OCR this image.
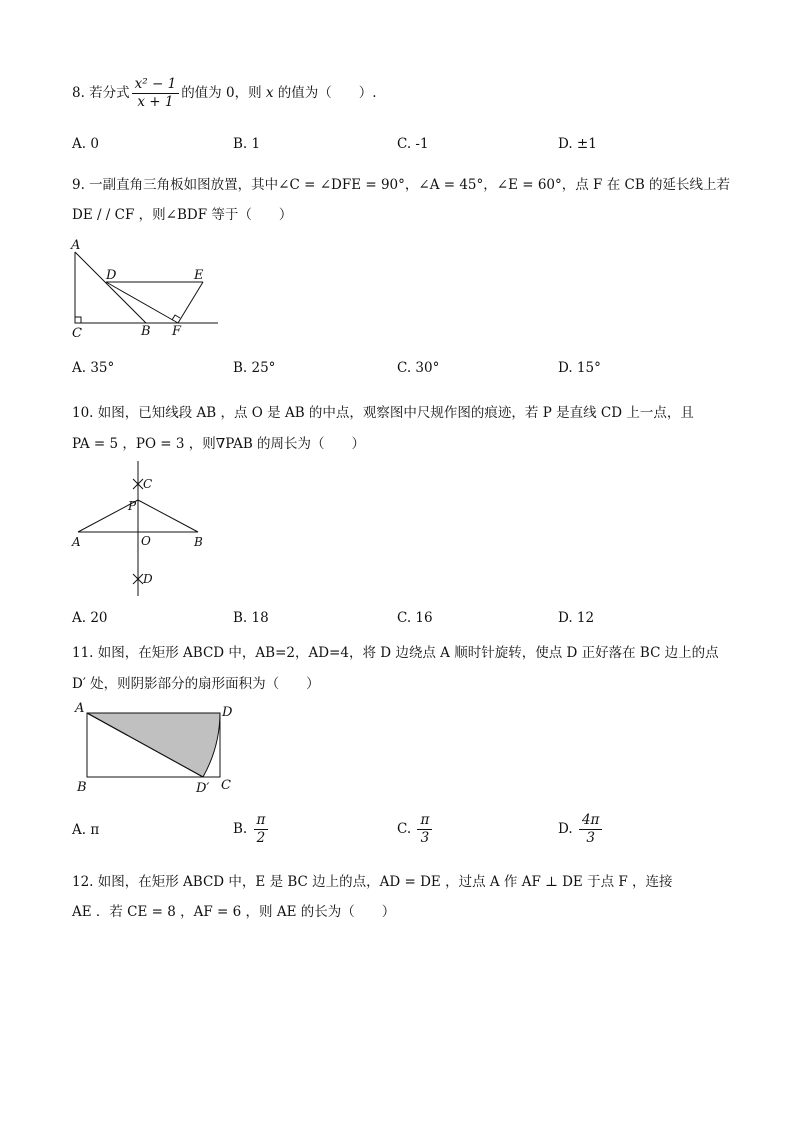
8. 若分式 $\frac{\text{x² − 1}}{x + 1}$ 的值为 0，则 x 的值为（　　）.
A. 0	B. 1	C. -1	D. ±1
9. 一副直角三角板如图放置，其中∠C = ∠DFE = 90°，∠A = 45°，∠E = 60°，点 F 在 CB 的延长线上若
DE / / CF ，则∠BDF 等于（　　）
A
C	B F
D	E
A. 35°	B. 25°	C. 30°	D. 15°
10. 如图，已知线段 AB ，点 O 是 AB 的中点，观察图中尺规作图的痕迹，若 P 是直线 CD 上一点，且
PA = 5 ，PO = 3 ，则∇PAB 的周长为（　　）
C
P
A	O	B
D
A. 20	B. 18	C. 16	D. 12
11. 如图，在矩形 ABCD 中，AB=2，AD=4，将 D 边绕点 A 顺时针旋转，使点 D 正好落在 BC 边上的点
D′ 处，则阴影部分的扇形面积为（　　）
A	D
B	D′ C
A. π	B. $\frac{\pi}{2}$	C. $\frac{\pi}{3}$	D. $\frac{4\pi}{3}$
12. 如图，在矩形 ABCD 中，E 是 BC 边上的点，AD = DE ，过点 A 作 AF ⊥ DE 于点 F ，连接
AE ．若 CE = 8 ，AF = 6 ，则 AE 的长为（　　）
